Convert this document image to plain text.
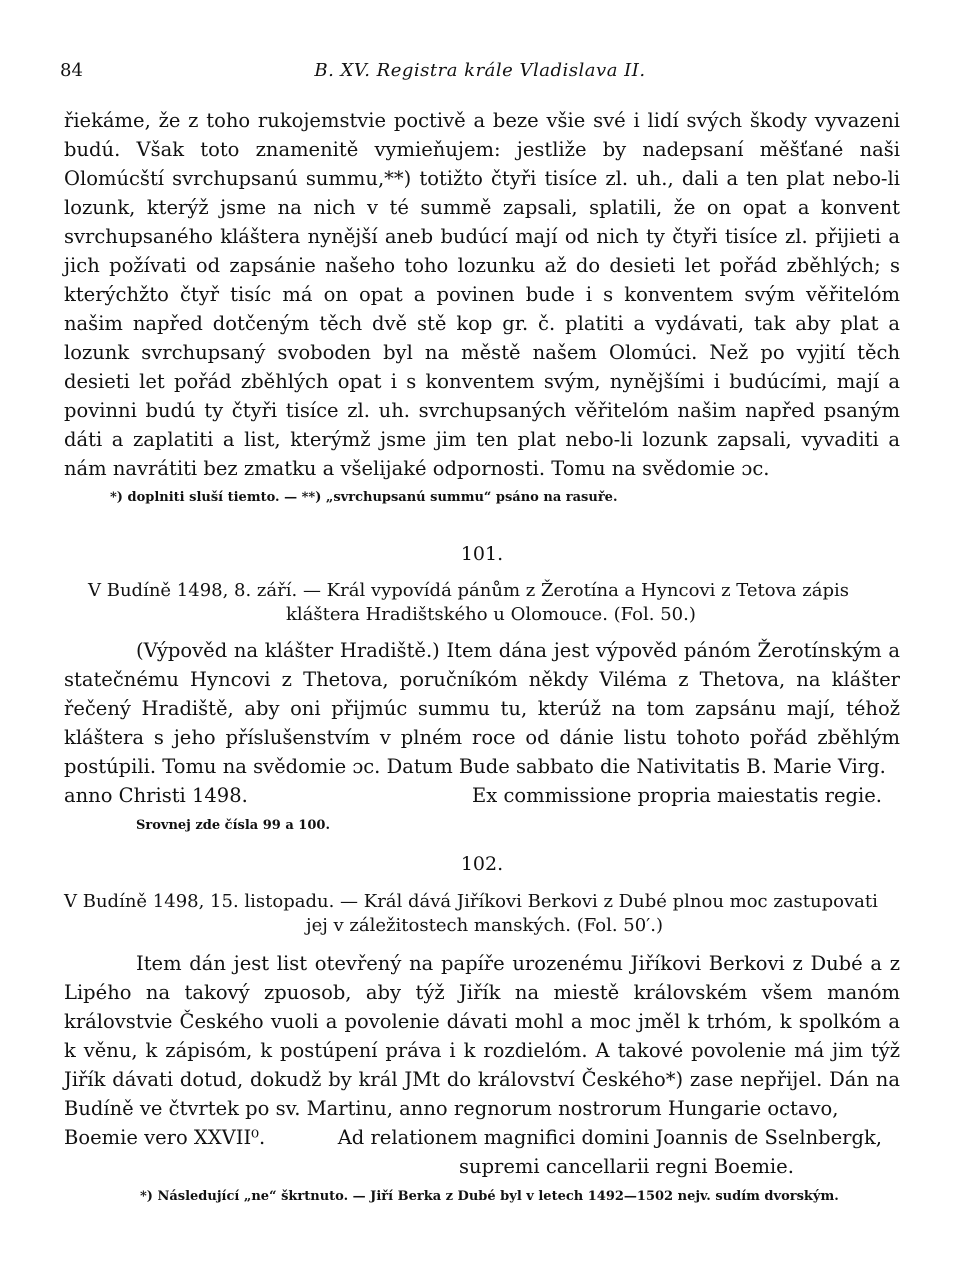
84	B. XV. Registra krále Vladislava II.

řiekáme, že z toho rukojemstvie poctivě a beze všie své i lidí svých škody vyvazeni budú. Však toto znamenitě vymieňujem: jestliže by nadepsaní měšťané naši Olomúcští svrchupsanú summu,**) totižto čtyři tisíce zl. uh., dali a ten plat nebo-li lozunk, kterýž jsme na nich v té summě zapsali, splatili, že on opat a konvent svrchupsaného kláštera nynější aneb budúcí mají od nich ty čtyři tisíce zl. přijieti a jich požívati od zapsánie našeho toho lozunku až do desieti let pořád zběhlých; s kterýchžto čtyř tisíc má on opat a povinen bude i s konventem svým věřitelóm našim napřed dotčeným těch dvě stě kop gr. č. platiti a vydávati, tak aby plat a lozunk svrchupsaný svoboden byl na městě našem Olomúci. Než po vyjití těch desieti let pořád zběhlých opat i s konventem svým, nynějšími i budúcími, mají a povinni budú ty čtyři tisíce zl. uh. svrchupsaných věřitelóm našim napřed psaným dáti a zaplatiti a list, kterýmž jsme jim ten plat nebo-li lozunk zapsali, vyvaditi a nám navrátiti bez zmatku a všelijaké odpornosti. Tomu na svědomie ɔc.

*) doplniti sluší tiemto. — **) „svrchupsanú summu“ psáno na rasuře.

101.

V Budíně 1498, 8. září. — Král vypovídá pánům z Žerotína a Hyncovi z Tetova zápis

kláštera Hradištského u Olomouce. (Fol. 50.)

(Výpověd na klášter Hradiště.) Item dána jest výpověd pánóm Žerotínským a statečnému Hyncovi z Thetova, poručníkóm někdy Viléma z Thetova, na klášter řečený Hradiště, aby oni přijmúc summu tu, kterúž na tom zapsánu mají, téhož kláštera s jeho příslušenstvím v plném roce od dánie listu tohoto pořád zběhlým postúpili. Tomu na svědomie ɔc. Datum Bude sabbato die Nativitatis B. Marie Virg.

anno Christi 1498.	Ex commissione propria maiestatis regie.
Srovnej zde čísla 99 a 100.

102.

V Budíně 1498, 15. listopadu. — Král dává Jiříkovi Berkovi z Dubé plnou moc zastupovati

jej v záležitostech manských. (Fol. 50′.)

Item dán jest list otevřený na papíře urozenému Jiříkovi Berkovi z Dubé a z Lipého na takový zpuosob, aby týž Jiřík na miestě královském všem manóm královstvie Českého vuoli a povolenie dávati mohl a moc jměl k trhóm, k spolkóm a k věnu, k zápisóm, k postúpení práva i k rozdielóm. A takové povolenie má jim týž Jiřík dávati dotud, dokudž by král JMt do království Českého*) zase nepřijel. Dán na Budíně ve čtvrtek po sv. Martinu, anno regnorum nostrorum Hungarie octavo,

Boemie vero XXVII⁰.	Ad relationem magnifici domini Joannis de Sselnbergk,

supremi cancellarii regni Boemie.

*) Následující „ne“ škrtnuto. — Jiří Berka z Dubé byl v letech 1492—1502 nejv. sudím dvorským.
